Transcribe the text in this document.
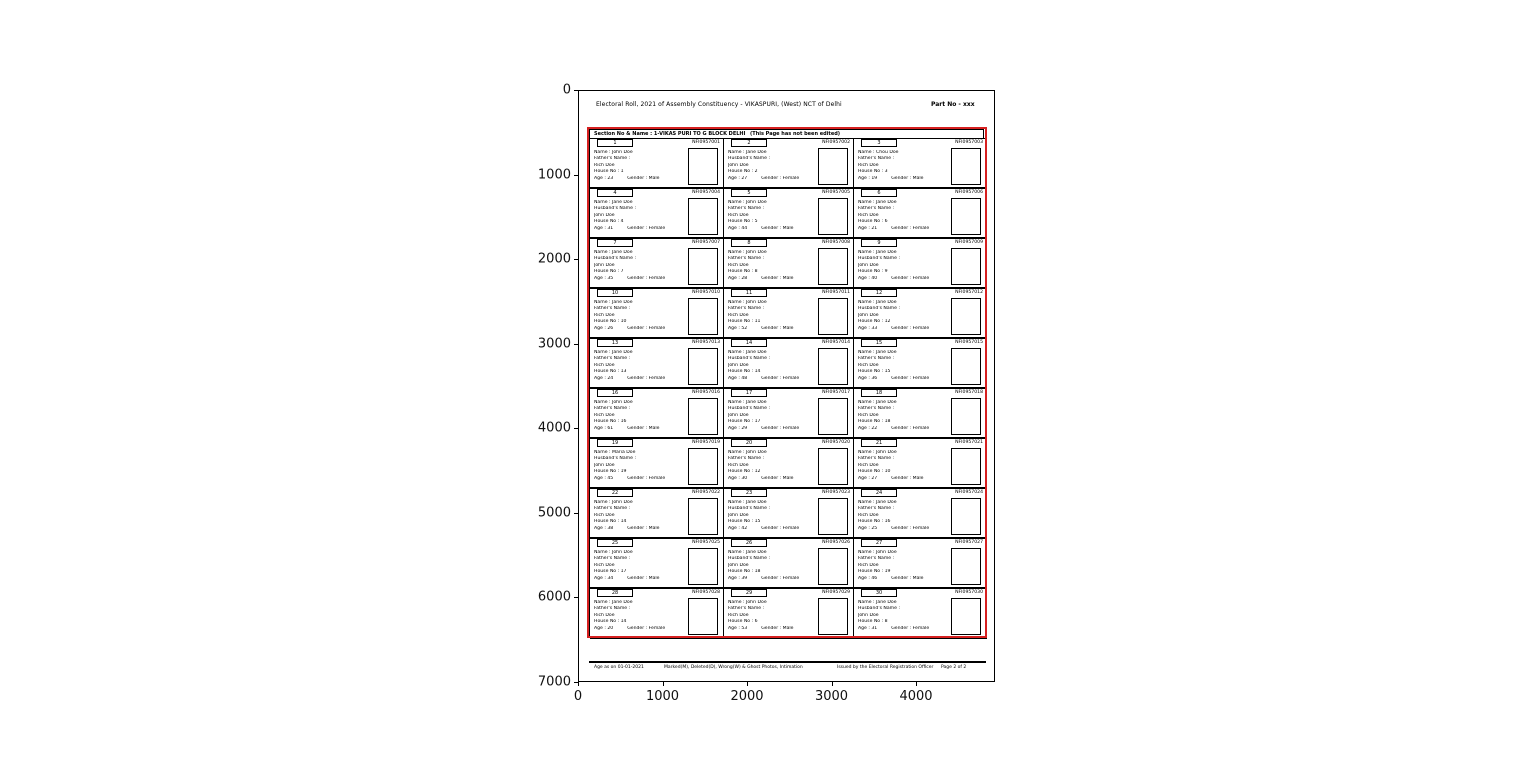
Electoral Roll, 2021 of Assembly Constituency - VIKASPURI, (West) NCT of Delhi	Part No - xxx
Section No & Name : 1-VIKAS PURI TO G BLOCK DELHI (This Page has not been edited)
1	NFI0957001
Name : John Doe
Father's Name :
Rich Doe
House No : 1
Age : 23	Gender : Male
2	NFI0957002
Name : Jane Doe
Husband's Name :
John Doe
House No : 2
Age : 27	Gender : Female
3	NFI0957003
Name : Chou Doe
Father's Name :
Rich Doe
House No : 3
Age : 19	Gender : Male
4	NFI0957004
Name : Jane Doe
Husband's Name :
John Doe
House No : 4
Age : 31	Gender : Female
5	NFI0957005
Name : John Doe
Father's Name :
Rich Doe
House No : 5
Age : 44	Gender : Male
6	NFI0957006
Name : Jane Doe
Father's Name :
Rich Doe
House No : 6
Age : 21	Gender : Female
7	NFI0957007
Name : Jane Doe
Husband's Name :
John Doe
House No : 7
Age : 35	Gender : Female
8	NFI0957008
Name : John Doe
Father's Name :
Rich Doe
House No : 8
Age : 28	Gender : Male
9	NFI0957009
Name : Jane Doe
Husband's Name :
John Doe
House No : 9
Age : 40	Gender : Female
10	NFI0957010
Name : Jane Doe
Father's Name :
Rich Doe
House No : 10
Age : 26	Gender : Female
11	NFI0957011
Name : John Doe
Father's Name :
Rich Doe
House No : 11
Age : 52	Gender : Male
12	NFI0957012
Name : Jane Doe
Husband's Name :
John Doe
House No : 12
Age : 33	Gender : Female
13	NFI0957013
Name : Jane Doe
Father's Name :
Rich Doe
House No : 13
Age : 24	Gender : Female
14	NFI0957014
Name : Jane Doe
Husband's Name :
John Doe
House No : 14
Age : 48	Gender : Female
15	NFI0957015
Name : Jane Doe
Father's Name :
Rich Doe
House No : 15
Age : 36	Gender : Female
16	NFI0957016
Name : John Doe
Father's Name :
Rich Doe
House No : 16
Age : 61	Gender : Male
17	NFI0957017
Name : Jane Doe
Husband's Name :
John Doe
House No : 17
Age : 29	Gender : Female
18	NFI0957018
Name : Jane Doe
Father's Name :
Rich Doe
House No : 18
Age : 22	Gender : Female
19	NFI0957019
Name : Maria Doe
Husband's Name :
John Doe
House No : 19
Age : 45	Gender : Female
20	NFI0957020
Name : John Doe
Father's Name :
Rich Doe
House No : 12
Age : 30	Gender : Male
21	NFI0957021
Name : John Doe
Father's Name :
Rich Doe
House No : 10
Age : 27	Gender : Male
22	NFI0957022
Name : John Doe
Father's Name :
Rich Doe
House No : 14
Age : 38	Gender : Male
23	NFI0957023
Name : Jane Doe
Husband's Name :
John Doe
House No : 15
Age : 42	Gender : Female
24	NFI0957024
Name : Jane Doe
Father's Name :
Rich Doe
House No : 16
Age : 25	Gender : Female
25	NFI0957025
Name : John Doe
Father's Name :
Rich Doe
House No : 17
Age : 34	Gender : Male
26	NFI0957026
Name : Jane Doe
Husband's Name :
John Doe
House No : 18
Age : 39	Gender : Female
27	NFI0957027
Name : John Doe
Father's Name :
Rich Doe
House No : 19
Age : 46	Gender : Male
28	NFI0957028
Name : Jane Doe
Father's Name :
Rich Doe
House No : 14
Age : 20	Gender : Female
29	NFI0957029
Name : John Doe
Father's Name :
Rich Doe
House No : 6
Age : 53	Gender : Male
30	NFI0957030
Name : Jane Doe
Husband's Name :
John Doe
House No : 8
Age : 31	Gender : Female
Age as on 01-01-2021	Marked(M), Deleted(D), Wrong(W) & Ghost Photos, Intimation	Issued by the Electoral Registration Officer Page 2 of 2
0
1000
2000
3000
4000
5000
6000
7000
0	1000	2000	3000	4000
